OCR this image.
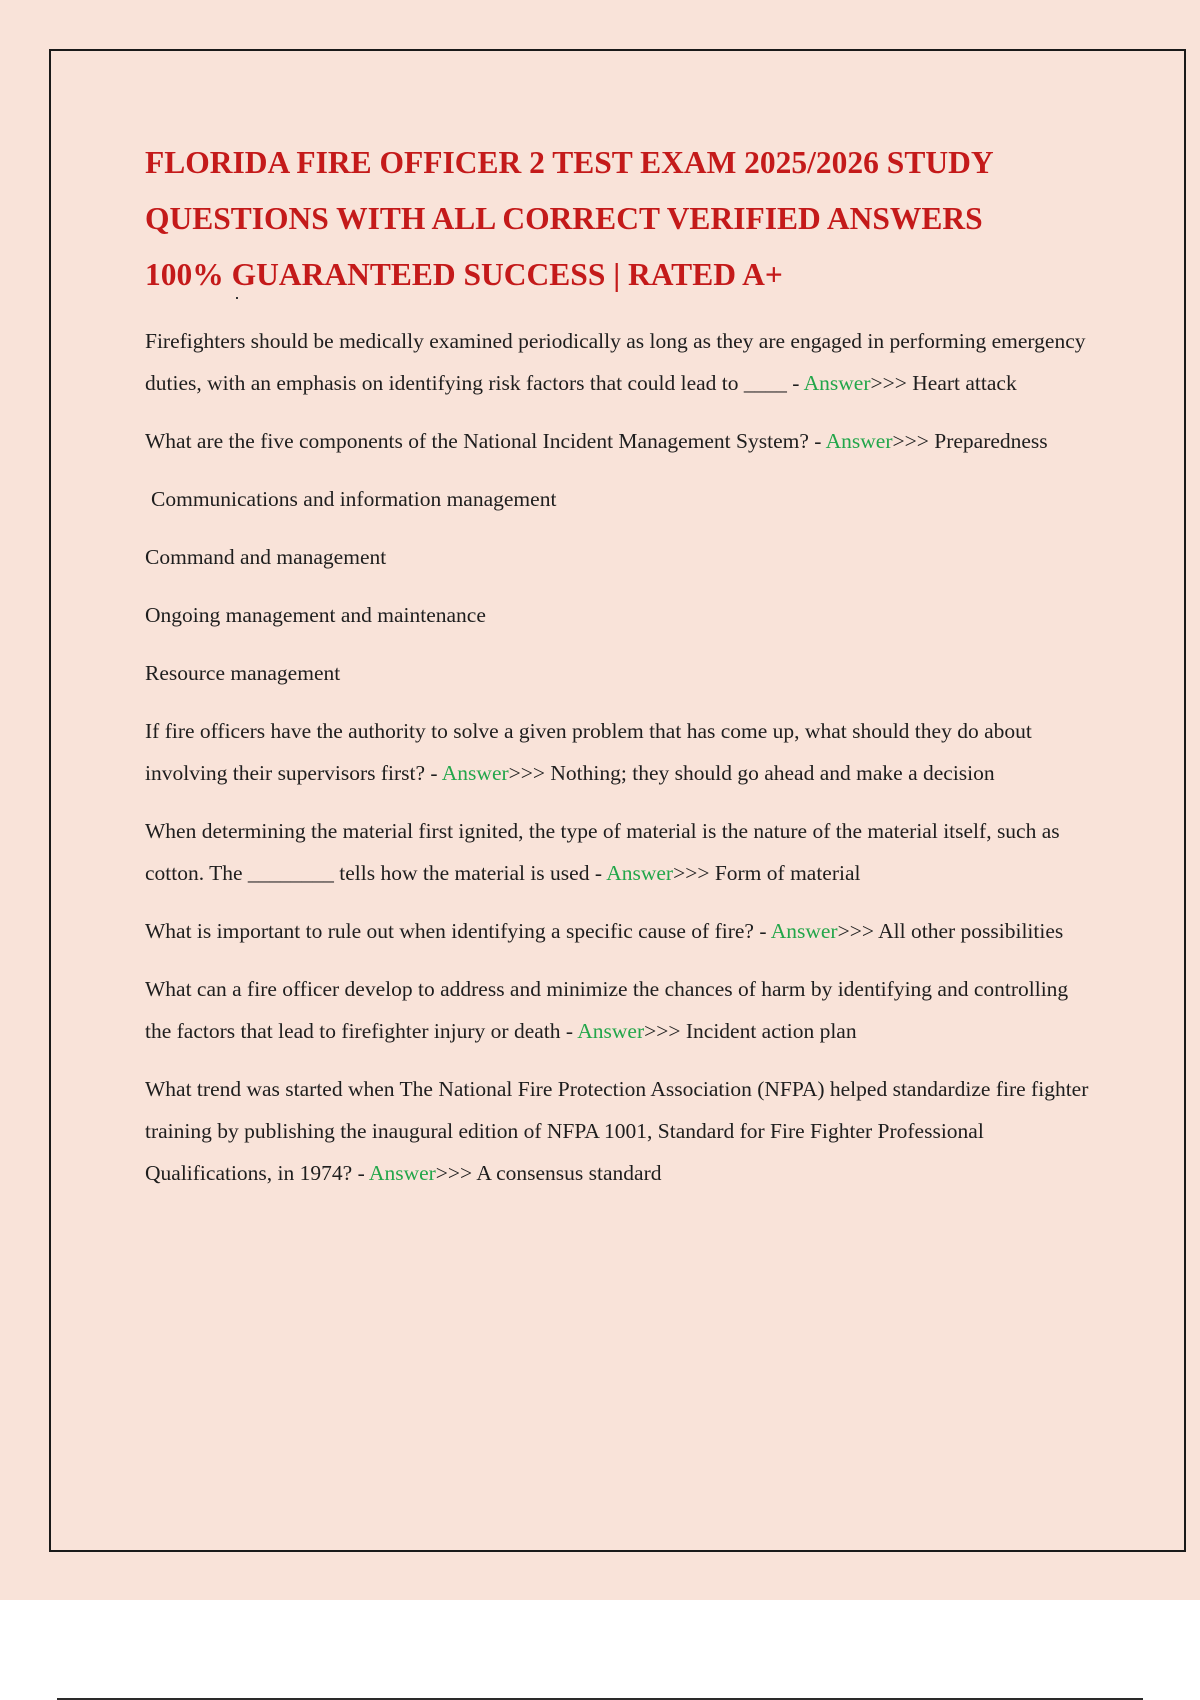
FLORIDA FIRE OFFICER 2 TEST EXAM 2025/2026 STUDY
QUESTIONS WITH ALL CORRECT VERIFIED ANSWERS
100% GUARANTEED SUCCESS | RATED A+

Firefighters should be medically examined periodically as long as they are engaged in performing emergency duties, with an emphasis on identifying risk factors that could lead to ____ - Answer>>> Heart attack

What are the five components of the National Incident Management System? - Answer>>> Preparedness

Communications and information management

Command and management

Ongoing management and maintenance

Resource management

If fire officers have the authority to solve a given problem that has come up, what should they do about involving their supervisors first? - Answer>>> Nothing; they should go ahead and make a decision

When determining the material first ignited, the type of material is the nature of the material itself, such as cotton. The ________ tells how the material is used - Answer>>> Form of material

What is important to rule out when identifying a specific cause of fire? - Answer>>> All other possibilities

What can a fire officer develop to address and minimize the chances of harm by identifying and controlling the factors that lead to firefighter injury or death - Answer>>> Incident action plan

What trend was started when The National Fire Protection Association (NFPA) helped standardize fire fighter training by publishing the inaugural edition of NFPA 1001, Standard for Fire Fighter Professional Qualifications, in 1974? - Answer>>> A consensus standard
